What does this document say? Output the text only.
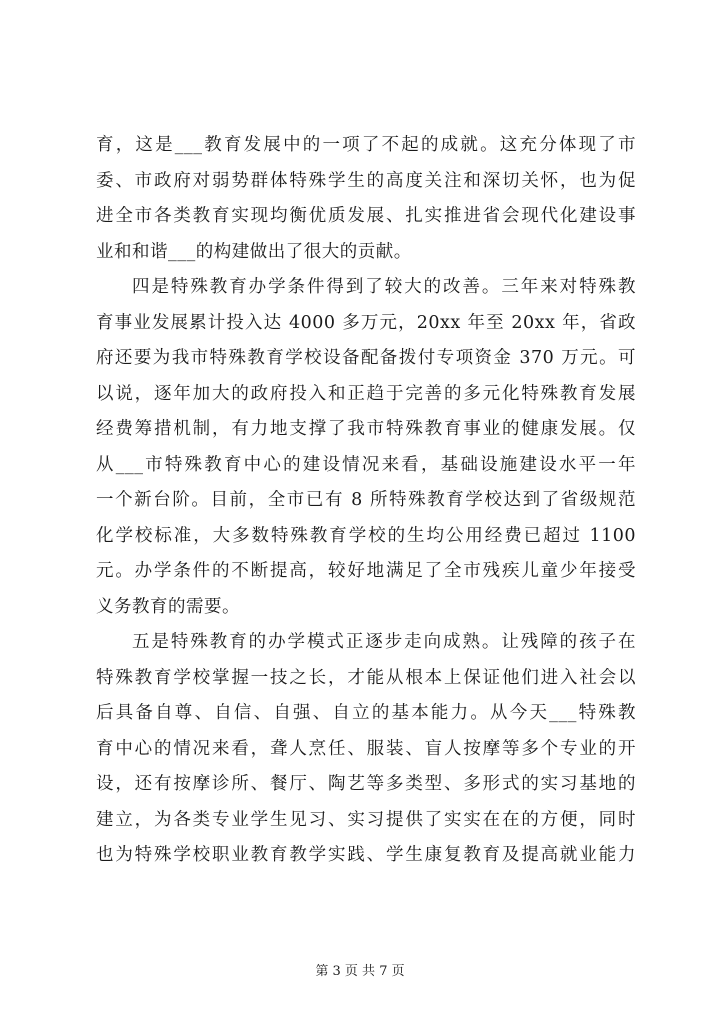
育，这是___教育发展中的一项了不起的成就。这充分体现了市
委、市政府对弱势群体特殊学生的高度关注和深切关怀，也为促
进全市各类教育实现均衡优质发展、扎实推进省会现代化建设事
业和和谐___的构建做出了很大的贡献。
四是特殊教育办学条件得到了较大的改善。三年来对特殊教
育事业发展累计投入达 4000 多万元，20xx 年至 20xx 年，省政
府还要为我市特殊教育学校设备配备拨付专项资金 370 万元。可
以说，逐年加大的政府投入和正趋于完善的多元化特殊教育发展
经费筹措机制，有力地支撑了我市特殊教育事业的健康发展。仅
从___市特殊教育中心的建设情况来看，基础设施建设水平一年
一个新台阶。目前，全市已有 8 所特殊教育学校达到了省级规范
化学校标准，大多数特殊教育学校的生均公用经费已超过 1100
元。办学条件的不断提高，较好地满足了全市残疾儿童少年接受
义务教育的需要。
五是特殊教育的办学模式正逐步走向成熟。让残障的孩子在
特殊教育学校掌握一技之长，才能从根本上保证他们进入社会以
后具备自尊、自信、自强、自立的基本能力。从今天___特殊教
育中心的情况来看，聋人烹任、服装、盲人按摩等多个专业的开
设，还有按摩诊所、餐厅、陶艺等多类型、多形式的实习基地的
建立，为各类专业学生见习、实习提供了实实在在的方便，同时
也为特殊学校职业教育教学实践、学生康复教育及提高就业能力
第 3 页 共 7 页
